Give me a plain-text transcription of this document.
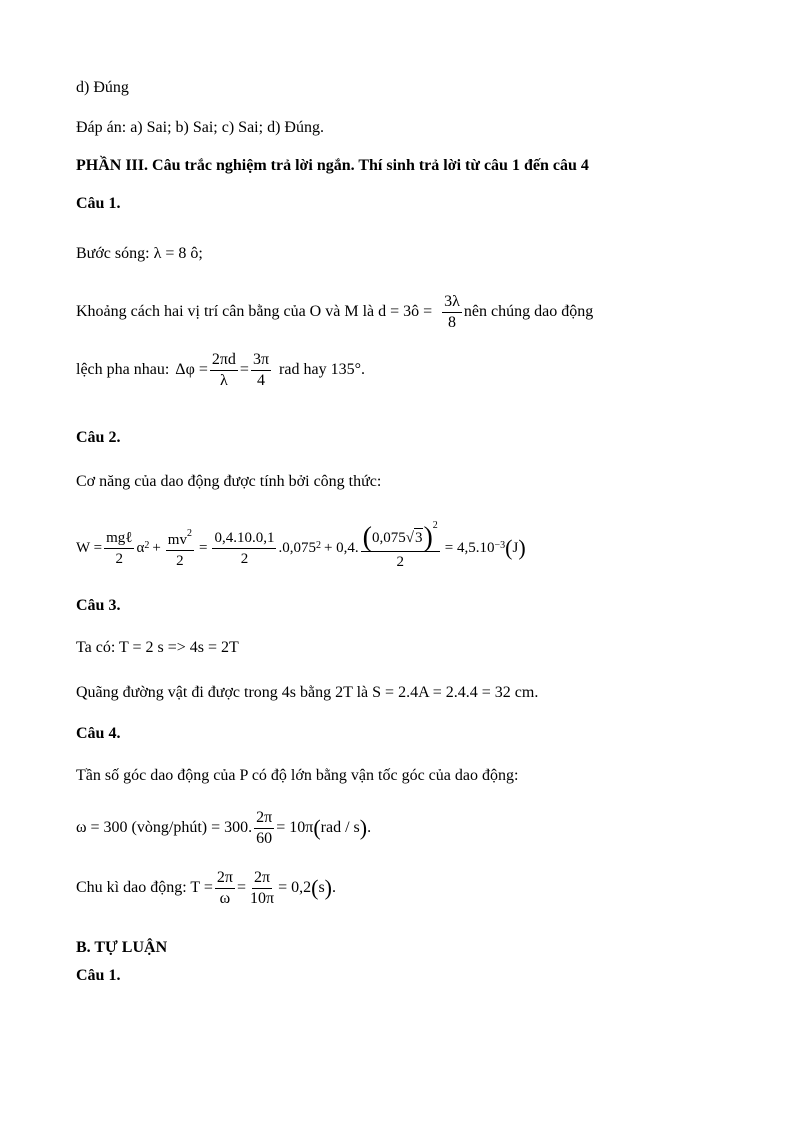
d) Đúng
Đáp án: a) Sai; b) Sai; c) Sai; d) Đúng.
PHẦN III. Câu trắc nghiệm trả lời ngắn. Thí sinh trả lời từ câu 1 đến câu 4
Câu 1.
Bước sóng: λ = 8 ô;
Khoảng cách hai vị trí cân bằng của O và M là d = 3ô = $\frac{3\lambda}{8}$ nên chúng dao động
lệch pha nhau: $\Delta\varphi = \frac{2\pi d}{\lambda} = \frac{3\pi}{4}$ rad hay 135°.
Câu 2.
Cơ năng của dao động được tính bởi công thức:
$W = \frac{\text{mgℓ}}{2} \alpha^2 + \frac{mv^2}{2} = \frac{0,4.10.0,1}{2} .0,075^2 + 0,4$. $\frac{( 0,075 √ 3 )^2}{2} = 4,5.10^{-3}$ ( J )
Câu 3.
Ta có: T = 2 s => 4s = 2T
Quãng đường vật đi được trong 4s bằng 2T là S = 2.4A = 2.4.4 = 32 cm.
Câu 4.
Tần số góc dao động của P có độ lớn bằng vận tốc góc của dao động:
ω = 300 (vòng/phút) = 300. $\frac{2\pi}{60} = 10\pi$ ( rad / s ) .
Chu kì dao động: $T = \frac{2\pi}{\omega} = \frac{2\pi}{10\pi} = 0,2$ ( s ) .
B. TỰ LUẬN
Câu 1.
